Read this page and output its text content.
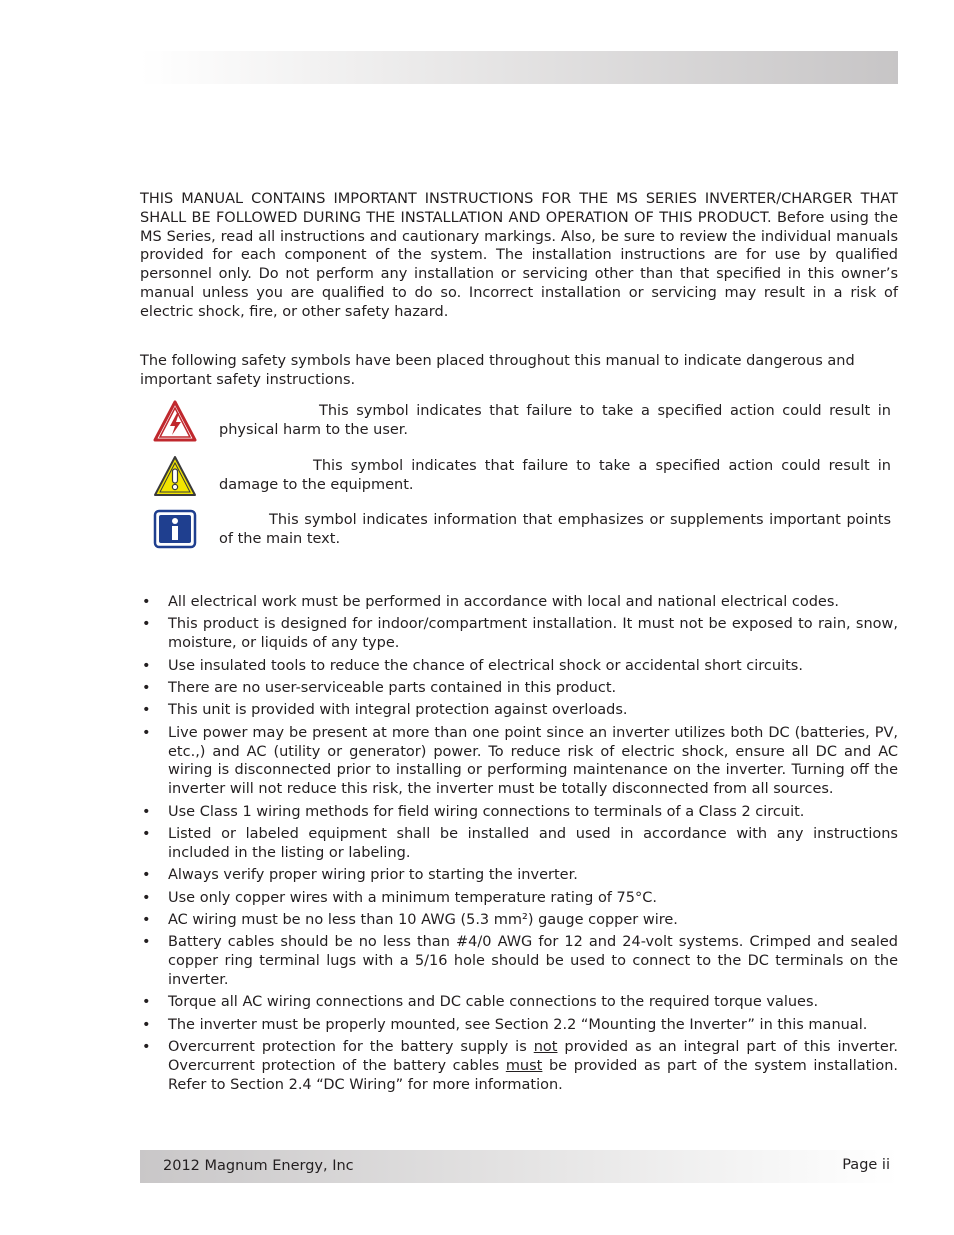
THIS MANUAL CONTAINS IMPORTANT INSTRUCTIONS FOR THE MS SERIES INVERTER/CHARGER THAT SHALL BE FOLLOWED DURING THE INSTALLATION AND OPERATION OF THIS PRODUCT. Before using the MS Series, read all instructions and cautionary markings. Also, be sure to review the individual manuals provided for each component of the system. The installation instructions are for use by qualified personnel only. Do not perform any installation or servicing other than that specified in this owner’s manual unless you are qualified to do so. Incorrect installation or servicing may result in a risk of electric shock, fire, or other safety hazard.
The following safety symbols have been placed throughout this manual to indicate dangerous and important safety instructions.
This symbol indicates that failure to take a specified action could result in physical harm to the user.
This symbol indicates that failure to take a specified action could result in damage to the equipment.
This symbol indicates information that emphasizes or supplements important points of the main text.
• All electrical work must be performed in accordance with local and national electrical codes.
• This product is designed for indoor/compartment installation. It must not be exposed to rain, snow, moisture, or liquids of any type.
• Use insulated tools to reduce the chance of electrical shock or accidental short circuits.
• There are no user-serviceable parts contained in this product.
• This unit is provided with integral protection against overloads.
• Live power may be present at more than one point since an inverter utilizes both DC (batteries, PV, etc.,) and AC (utility or generator) power. To reduce risk of electric shock, ensure all DC and AC wiring is disconnected prior to installing or performing maintenance on the inverter. Turning off the inverter will not reduce this risk, the inverter must be totally disconnected from all sources.
• Use Class 1 wiring methods for field wiring connections to terminals of a Class 2 circuit.
• Listed or labeled equipment shall be installed and used in accordance with any instructions included in the listing or labeling.
• Always verify proper wiring prior to starting the inverter.
• Use only copper wires with a minimum temperature rating of 75°C.
• AC wiring must be no less than 10 AWG (5.3 mm²) gauge copper wire.
• Battery cables should be no less than #4/0 AWG for 12 and 24-volt systems. Crimped and sealed copper ring terminal lugs with a 5/16 hole should be used to connect to the DC terminals on the inverter.
• Torque all AC wiring connections and DC cable connections to the required torque values.
• The inverter must be properly mounted, see Section 2.2 “Mounting the Inverter” in this manual.
• Overcurrent protection for the battery supply is not provided as an integral part of this inverter. Overcurrent protection of the battery cables must be provided as part of the system installation. Refer to Section 2.4 “DC Wiring” for more information.
2012 Magnum Energy, Inc	Page ii
